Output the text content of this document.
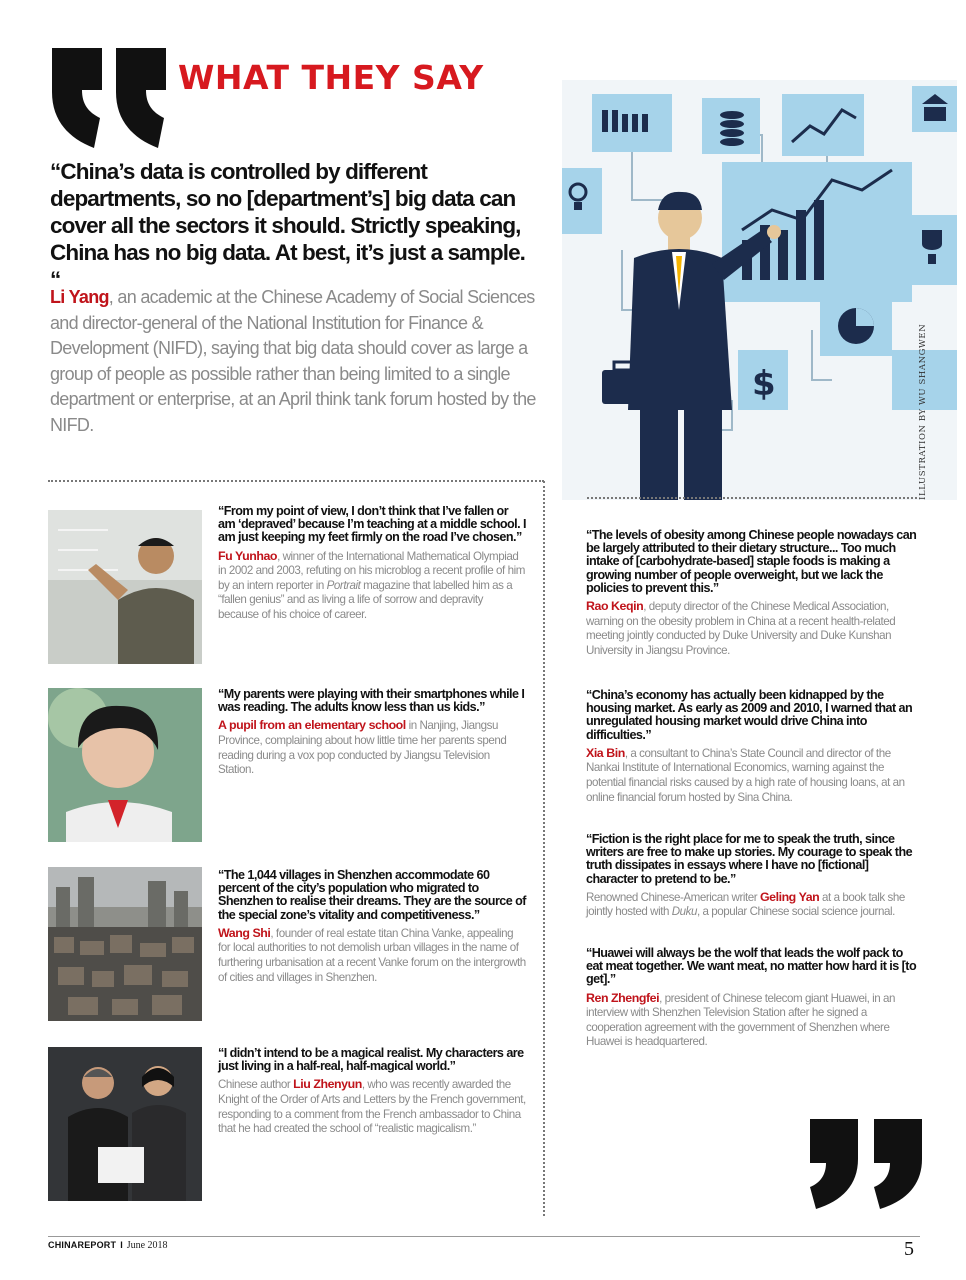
WHAT THEY SAY

“China’s data is controlled by different departments, so no [department’s] big data can cover all the sectors it should. Strictly speaking, China has no big data. At best, it’s just a sample. “

Li Yang, an academic at the Chinese Academy of Social Sciences and director-general of the National Institution for Finance & Development (NIFD), saying that big data should cover as large a group of people as possible rather than being limited to a single department or enterprise, at an April think tank forum hosted by the NIFD.

$	ILLUSTRATION BY WU SHANGWEN

“From my point of view, I don’t think that I’ve fallen or am ‘depraved’ because I’m teaching at a middle school. I am just keeping my feet firmly on the road I’ve chosen.”

Fu Yunhao, winner of the International Mathematical Olympiad in 2002 and 2003, refuting on his microblog a recent profile of him by an intern reporter in Portrait magazine that labelled him as a “fallen genius” and as living a life of sorrow and depravity because of his choice of career.

“My parents were playing with their smartphones while I was reading. The adults know less than us kids.”

A pupil from an elementary school in Nanjing, Jiangsu Province, complaining about how little time her parents spend reading during a vox pop conducted by Jiangsu Television Station.

“The 1,044 villages in Shenzhen accommodate 60 percent of the city’s population who migrated to Shenzhen to realise their dreams. They are the source of the special zone’s vitality and competitiveness.”

Wang Shi, founder of real estate titan China Vanke, appealing for local authorities to not demolish urban villages in the name of furthering urbanisation at a recent Vanke forum on the intergrowth of cities and villages in Shenzhen.

“I didn’t intend to be a magical realist. My characters are just living in a half-real, half-magical world.”

Chinese author Liu Zhenyun, who was recently awarded the Knight of the Order of Arts and Letters by the French government, responding to a comment from the French ambassador to China that he had created the school of “realistic magicalism.”

“The levels of obesity among Chinese people nowadays can be largely attributed to their dietary structure... Too much intake of [carbohydrate-based] staple foods is making a growing number of people overweight, but we lack the policies to prevent this.”

Rao Keqin, deputy director of the Chinese Medical Association, warning on the obesity problem in China at a recent health-related meeting jointly conducted by Duke University and Duke Kunshan University in Jiangsu Province.

“China’s economy has actually been kidnapped by the housing market. As early as 2009 and 2010, I warned that an unregulated housing market would drive China into difficulties.”

Xia Bin, a consultant to China’s State Council and director of the Nankai Institute of International Economics, warning against the potential financial risks caused by a high rate of housing loans, at an online financial forum hosted by Sina China.

“Fiction is the right place for me to speak the truth, since writers are free to make up stories. My courage to speak the truth dissipates in essays where I have no [fictional] character to pretend to be.”

Renowned Chinese-American writer Geling Yan at a book talk she jointly hosted with Duku, a popular Chinese social science journal.

“Huawei will always be the wolf that leads the wolf pack to eat meat together. We want meat, no matter how hard it is [to get].”

Ren Zhengfei, president of Chinese telecom giant Huawei, in an interview with Shenzhen Television Station after he signed a cooperation agreement with the government of Shenzhen where Huawei is headquartered.

CHINAREPORT I June 2018	5
